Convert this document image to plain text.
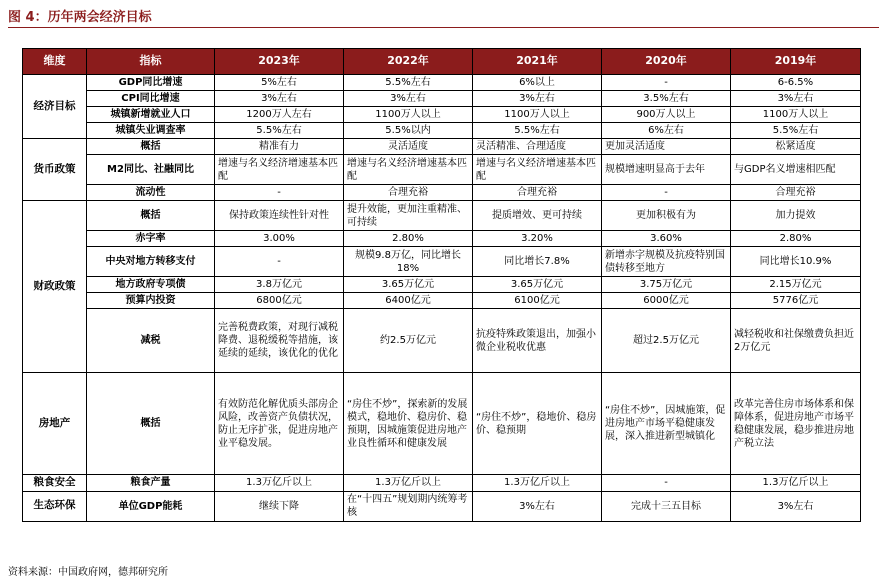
图 4：历年两会经济目标
维度	指标	2023年	2022年	2021年	2020年	2019年
经济目标	GDP同比增速	5%左右	5.5%左右	6%以上	-	6-6.5%
	CPI同比增速	3%左右	3%左右	3%左右	3.5%左右	3%左右
	城镇新增就业人口	1200万人左右	1100万人以上	1100万人以上	900万人以上	1100万人以上
	城镇失业调查率	5.5%左右	5.5%以内	5.5%左右	6%左右	5.5%左右
货币政策	概括	精准有力	灵活适度	灵活精准、合理适度	更加灵活适度	松紧适度
	M2同比、社融同比	增速与名义经济增速基本匹配	增速与名义经济增速基本匹配	增速与名义经济增速基本匹配	规模增速明显高于去年	与GDP名义增速相匹配
	流动性	-	合理充裕	合理充裕	-	合理充裕
财政政策	概括	保持政策连续性针对性	提升效能，更加注重精准、可持续	提质增效、更可持续	更加积极有为	加力提效
	赤字率	3.00%	2.80%	3.20%	3.60%	2.80%
	中央对地方转移支付	-	规模9.8万亿，同比增长18%	同比增长7.8%	新增赤字规模及抗疫特别国债转移至地方	同比增长10.9%
	地方政府专项债	3.8万亿元	3.65万亿元	3.65万亿元	3.75万亿元	2.15万亿元
	预算内投资	6800亿元	6400亿元	6100亿元	6000亿元	5776亿元
	减税	完善税费政策，对现行减税降费、退税缓税等措施，该延续的延续，该优化的优化	约2.5万亿元	抗疫特殊政策退出，加强小微企业税收优惠	超过2.5万亿元	减轻税收和社保缴费负担近2万亿元
房地产	概括	有效防范化解优质头部房企风险，改善资产负债状况，防止无序扩张，促进房地产业平稳发展。	“房住不炒”，探索新的发展模式，稳地价、稳房价、稳预期，因城施策促进房地产业良性循环和健康发展	“房住不炒”，稳地价、稳房价、稳预期	“房住不炒”，因城施策，促进房地产市场平稳健康发展，深入推进新型城镇化	改革完善住房市场体系和保障体系，促进房地产市场平稳健康发展，稳步推进房地产税立法
粮食安全	粮食产量	1.3万亿斤以上	1.3万亿斤以上	1.3万亿斤以上	-	1.3万亿斤以上
生态环保	单位GDP能耗	继续下降	在“十四五”规划期内统筹考核	3%左右	完成十三五目标	3%左右
资料来源：中国政府网，德邦研究所
